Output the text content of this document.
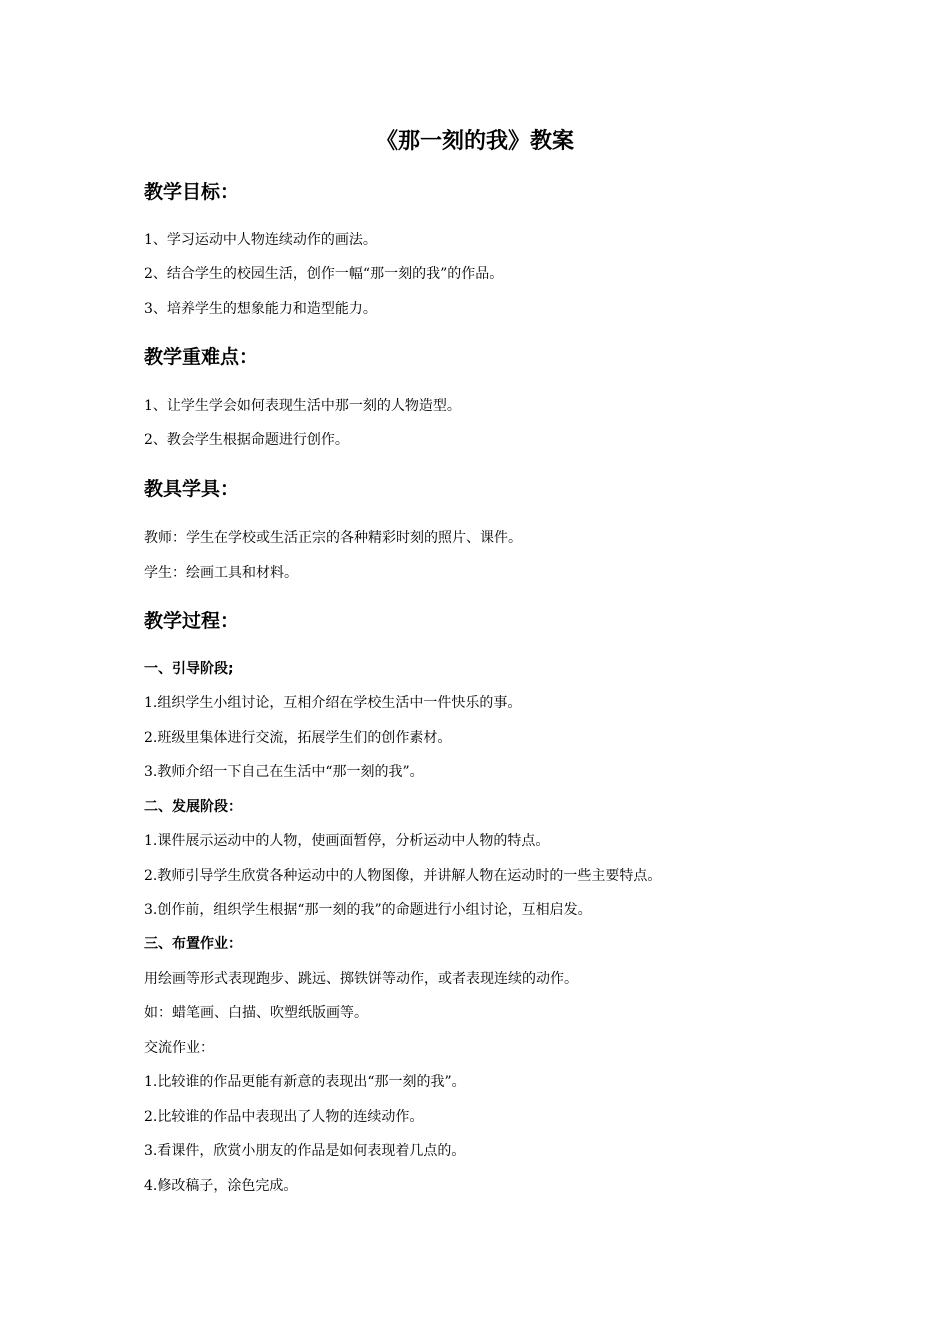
《那一刻的我》教案
教学目标：
1、学习运动中人物连续动作的画法。
2、结合学生的校园生活，创作一幅“那一刻的我”的作品。
3、培养学生的想象能力和造型能力。
教学重难点：
1、让学生学会如何表现生活中那一刻的人物造型。
2、教会学生根据命题进行创作。
教具学具：
教师：学生在学校或生活正宗的各种精彩时刻的照片、课件。
学生：绘画工具和材料。
教学过程：
一、引导阶段;
1.组织学生小组讨论，互相介绍在学校生活中一件快乐的事。
2.班级里集体进行交流，拓展学生们的创作素材。
3.教师介绍一下自己在生活中“那一刻的我”。
二、发展阶段：
1.课件展示运动中的人物，使画面暂停，分析运动中人物的特点。
2.教师引导学生欣赏各种运动中的人物图像，并讲解人物在运动时的一些主要特点。
3.创作前，组织学生根据“那一刻的我”的命题进行小组讨论，互相启发。
三、布置作业：
用绘画等形式表现跑步、跳远、掷铁饼等动作，或者表现连续的动作。
如：蜡笔画、白描、吹塑纸版画等。
交流作业：
1.比较谁的作品更能有新意的表现出“那一刻的我”。
2.比较谁的作品中表现出了人物的连续动作。
3.看课件，欣赏小朋友的作品是如何表现着几点的。
4.修改稿子，涂色完成。
